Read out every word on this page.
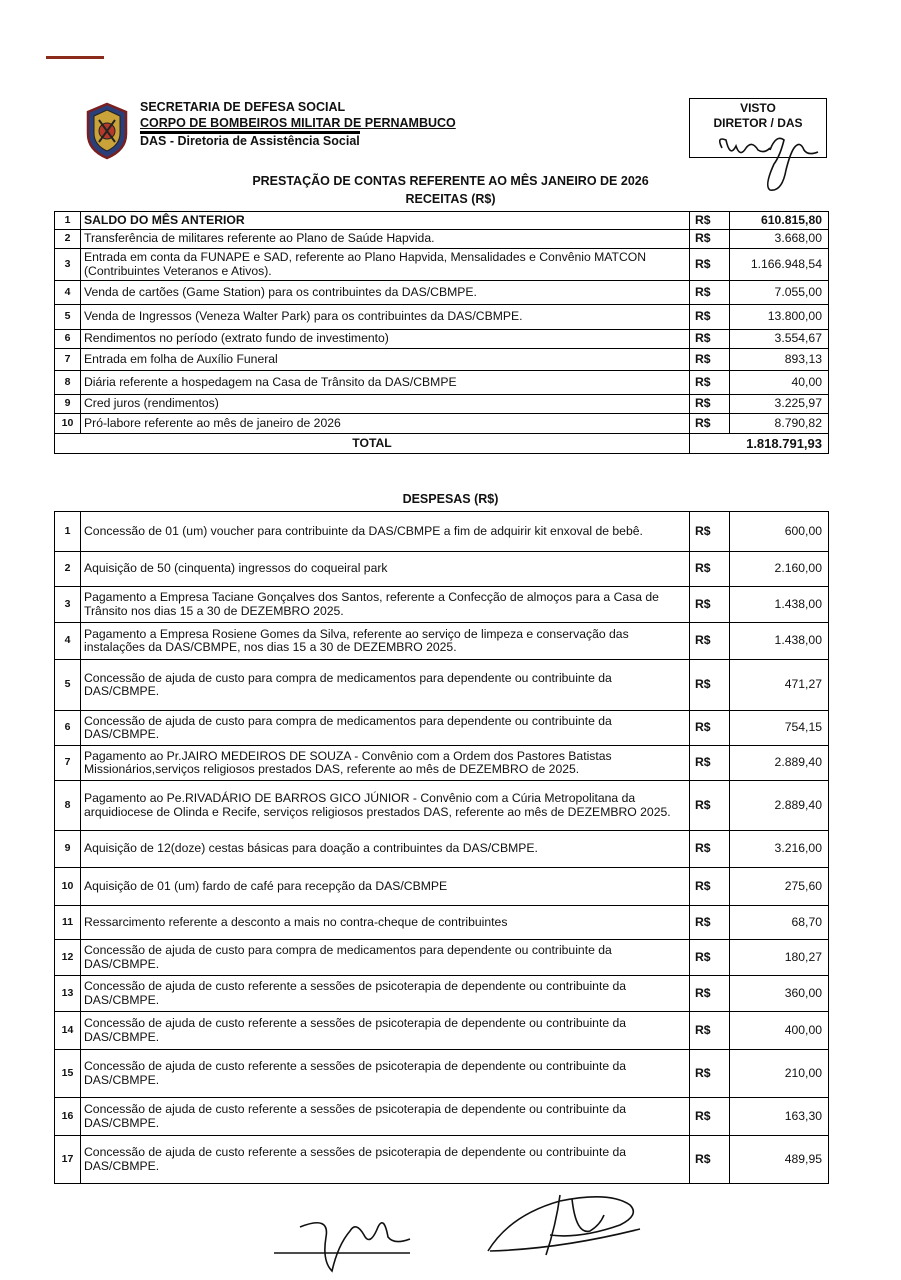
SECRETARIA DE DEFESA SOCIAL
CORPO DE BOMBEIROS MILITAR DE PERNAMBUCO
DAS - Diretoria de Assistência Social
VISTO
DIRETOR / DAS
PRESTAÇÃO DE CONTAS REFERENTE AO MÊS JANEIRO DE 2026
RECEITAS (R$)
1	SALDO DO MÊS ANTERIOR	R$	610.815,80
2	Transferência de militares referente ao Plano de Saúde Hapvida.	R$	3.668,00
3	Entrada em conta da FUNAPE e SAD, referente ao Plano Hapvida, Mensalidades e Convênio MATCON (Contribuintes Veteranos e Ativos).	R$	1.166.948,54
4	Venda de cartões (Game Station) para os contribuintes da DAS/CBMPE.	R$	7.055,00
5	Venda de Ingressos (Veneza Walter Park) para os contribuintes da DAS/CBMPE.	R$	13.800,00
6	Rendimentos no período (extrato fundo de investimento)	R$	3.554,67
7	Entrada em folha de Auxílio Funeral	R$	893,13
8	Diária referente a hospedagem na Casa de Trânsito da DAS/CBMPE	R$	40,00
9	Cred juros (rendimentos)	R$	3.225,97
10	Pró-labore referente ao mês de janeiro de 2026	R$	8.790,82
TOTAL		1.818.791,93	
DESPESAS (R$)
1	Concessão de 01 (um) voucher para contribuinte da DAS/CBMPE a fim de adquirir kit enxoval de bebê.	R$	600,00
2	Aquisição de 50 (cinquenta) ingressos do coqueiral park	R$	2.160,00
3	Pagamento a Empresa Taciane Gonçalves dos Santos, referente a Confecção de almoços para a Casa de Trânsito nos dias 15 a 30 de DEZEMBRO 2025.	R$	1.438,00
4	Pagamento a Empresa Rosiene Gomes da Silva, referente ao serviço de limpeza e conservação das instalações da DAS/CBMPE, nos dias 15 a 30 de DEZEMBRO 2025.	R$	1.438,00
5	Concessão de ajuda de custo para compra de medicamentos para dependente ou contribuinte da DAS/CBMPE.	R$	471,27
6	Concessão de ajuda de custo para compra de medicamentos para dependente ou contribuinte da DAS/CBMPE.	R$	754,15
7	Pagamento ao Pr.JAIRO MEDEIROS DE SOUZA - Convênio com a Ordem dos Pastores Batistas Missionários,serviços religiosos prestados DAS, referente ao mês de DEZEMBRO de 2025.	R$	2.889,40
8	Pagamento ao Pe.RIVADÁRIO DE BARROS GICO JÚNIOR - Convênio com a Cúria Metropolitana da arquidiocese de Olinda e Recife, serviços religiosos prestados DAS, referente ao mês de DEZEMBRO 2025.	R$	2.889,40
9	Aquisição de 12(doze) cestas básicas para doação a contribuintes da DAS/CBMPE.	R$	3.216,00
10	Aquisição de 01 (um) fardo de café para recepção da DAS/CBMPE	R$	275,60
11	Ressarcimento referente a desconto a mais no contra-cheque de contribuintes	R$	68,70
12	Concessão de ajuda de custo para compra de medicamentos para dependente ou contribuinte da DAS/CBMPE.	R$	180,27
13	Concessão de ajuda de custo referente a sessões de psicoterapia de dependente ou contribuinte da DAS/CBMPE.	R$	360,00
14	Concessão de ajuda de custo referente a sessões de psicoterapia de dependente ou contribuinte da DAS/CBMPE.	R$	400,00
15	Concessão de ajuda de custo referente a sessões de psicoterapia de dependente ou contribuinte da DAS/CBMPE.	R$	210,00
16	Concessão de ajuda de custo referente a sessões de psicoterapia de dependente ou contribuinte da DAS/CBMPE.	R$	163,30
17	Concessão de ajuda de custo referente a sessões de psicoterapia de dependente ou contribuinte da DAS/CBMPE.	R$	489,95
